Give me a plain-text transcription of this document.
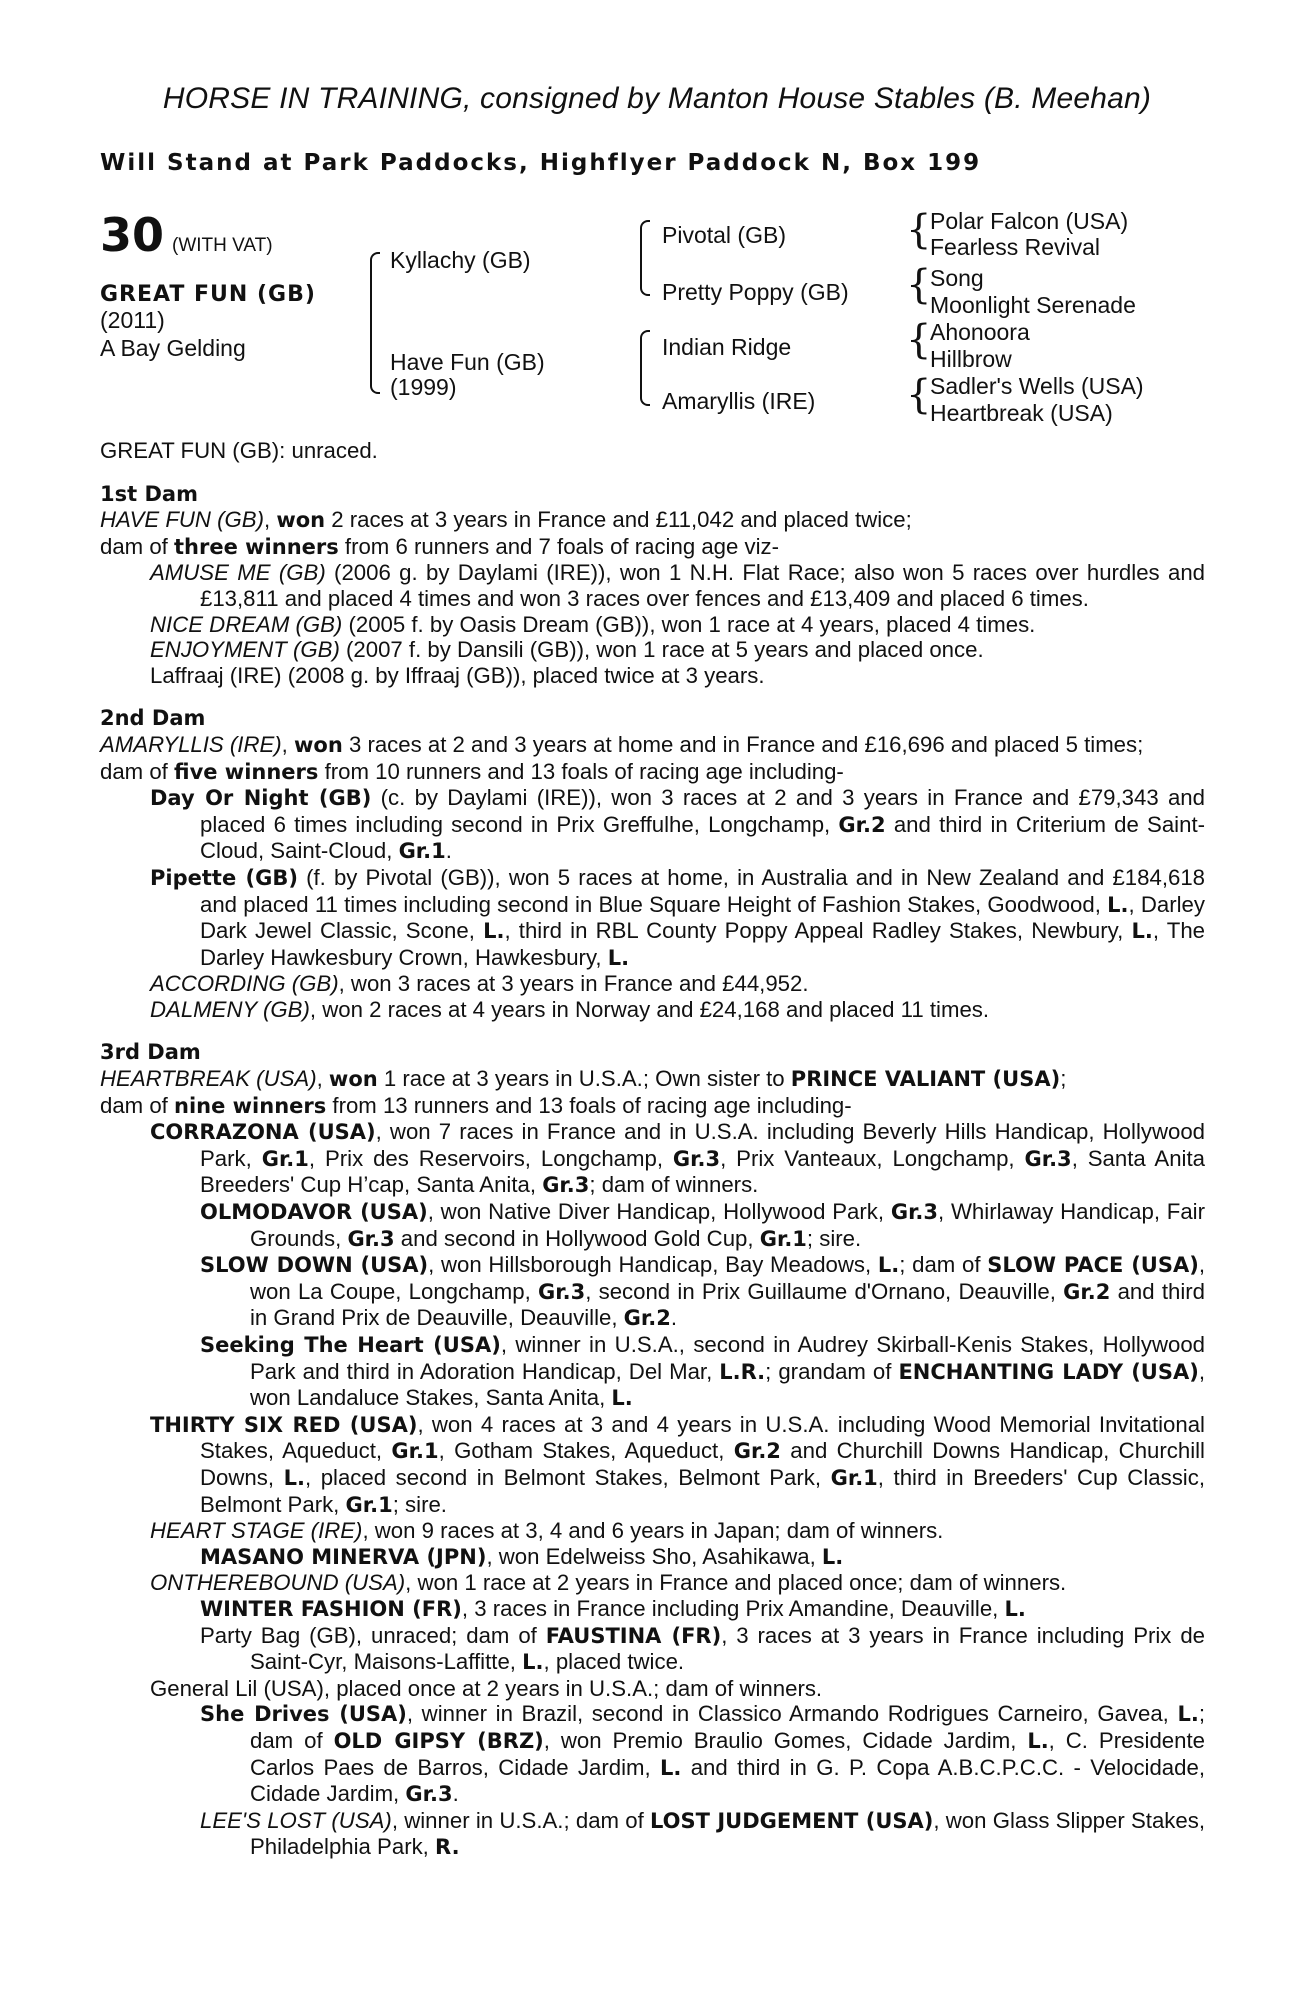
HORSE IN TRAINING, consigned by Manton House Stables (B. Meehan)
Will Stand at Park Paddocks, Highflyer Paddock N, Box 199
30 (WITH VAT)
GREAT FUN (GB)
(2011)
A Bay Gelding
Kyllachy (GB)
Have Fun (GB)
(1999)
Pivotal (GB)
Pretty Poppy (GB)
Indian Ridge
Amaryllis (IRE)
{
{
{
{
Polar Falcon (USA)
Fearless Revival
Song
Moonlight Serenade
Ahonoora
Hillbrow
Sadler's Wells (USA)
Heartbreak (USA)

GREAT FUN (GB): unraced.

1st Dam

HAVE FUN (GB), won 2 races at 3 years in France and £11,042 and placed twice;

dam of three winners from 6 runners and 7 foals of racing age viz-

AMUSE ME (GB) (2006 g. by Daylami (IRE)), won 1 N.H. Flat Race; also won 5 races over hurdles and £13,811 and placed 4 times and won 3 races over fences and £13,409 and placed 6 times.

NICE DREAM (GB) (2005 f. by Oasis Dream (GB)), won 1 race at 4 years, placed 4 times.

ENJOYMENT (GB) (2007 f. by Dansili (GB)), won 1 race at 5 years and placed once.

Laffraaj (IRE) (2008 g. by Iffraaj (GB)), placed twice at 3 years.

2nd Dam

AMARYLLIS (IRE), won 3 races at 2 and 3 years at home and in France and £16,696 and placed 5 times;

dam of five winners from 10 runners and 13 foals of racing age including-

Day Or Night (GB) (c. by Daylami (IRE)), won 3 races at 2 and 3 years in France and £79,343 and placed 6 times including second in Prix Greffulhe, Longchamp, Gr.2 and third in Criterium de Saint-Cloud, Saint-Cloud, Gr.1.

Pipette (GB) (f. by Pivotal (GB)), won 5 races at home, in Australia and in New Zealand and £184,618 and placed 11 times including second in Blue Square Height of Fashion Stakes, Goodwood, L., Darley Dark Jewel Classic, Scone, L., third in RBL County Poppy Appeal Radley Stakes, Newbury, L., The Darley Hawkesbury Crown, Hawkesbury, L.

ACCORDING (GB), won 3 races at 3 years in France and £44,952.

DALMENY (GB), won 2 races at 4 years in Norway and £24,168 and placed 11 times.

3rd Dam

HEARTBREAK (USA), won 1 race at 3 years in U.S.A.; Own sister to PRINCE VALIANT (USA);

dam of nine winners from 13 runners and 13 foals of racing age including-

CORRAZONA (USA), won 7 races in France and in U.S.A. including Beverly Hills Handicap, Hollywood Park, Gr.1, Prix des Reservoirs, Longchamp, Gr.3, Prix Vanteaux, Longchamp, Gr.3, Santa Anita Breeders' Cup H’cap, Santa Anita, Gr.3; dam of winners.

OLMODAVOR (USA), won Native Diver Handicap, Hollywood Park, Gr.3, Whirlaway Handicap, Fair Grounds, Gr.3 and second in Hollywood Gold Cup, Gr.1; sire.

SLOW DOWN (USA), won Hillsborough Handicap, Bay Meadows, L.; dam of SLOW PACE (USA), won La Coupe, Longchamp, Gr.3, second in Prix Guillaume d'Ornano, Deauville, Gr.2 and third in Grand Prix de Deauville, Deauville, Gr.2.

Seeking The Heart (USA), winner in U.S.A., second in Audrey Skirball-Kenis Stakes, Hollywood Park and third in Adoration Handicap, Del Mar, L.R.; grandam of ENCHANTING LADY (USA), won Landaluce Stakes, Santa Anita, L.

THIRTY SIX RED (USA), won 4 races at 3 and 4 years in U.S.A. including Wood Memorial Invitational Stakes, Aqueduct, Gr.1, Gotham Stakes, Aqueduct, Gr.2 and Churchill Downs Handicap, Churchill Downs, L., placed second in Belmont Stakes, Belmont Park, Gr.1, third in Breeders' Cup Classic, Belmont Park, Gr.1; sire.

HEART STAGE (IRE), won 9 races at 3, 4 and 6 years in Japan; dam of winners.

MASANO MINERVA (JPN), won Edelweiss Sho, Asahikawa, L.

ONTHEREBOUND (USA), won 1 race at 2 years in France and placed once; dam of winners.

WINTER FASHION (FR), 3 races in France including Prix Amandine, Deauville, L.

Party Bag (GB), unraced; dam of FAUSTINA (FR), 3 races at 3 years in France including Prix de Saint-Cyr, Maisons-Laffitte, L., placed twice.

General Lil (USA), placed once at 2 years in U.S.A.; dam of winners.

She Drives (USA), winner in Brazil, second in Classico Armando Rodrigues Carneiro, Gavea, L.; dam of OLD GIPSY (BRZ), won Premio Braulio Gomes, Cidade Jardim, L., C. Presidente Carlos Paes de Barros, Cidade Jardim, L. and third in G. P. Copa A.B.C.P.C.C. - Velocidade, Cidade Jardim, Gr.3.

LEE'S LOST (USA), winner in U.S.A.; dam of LOST JUDGEMENT (USA), won Glass Slipper Stakes, Philadelphia Park, R.
